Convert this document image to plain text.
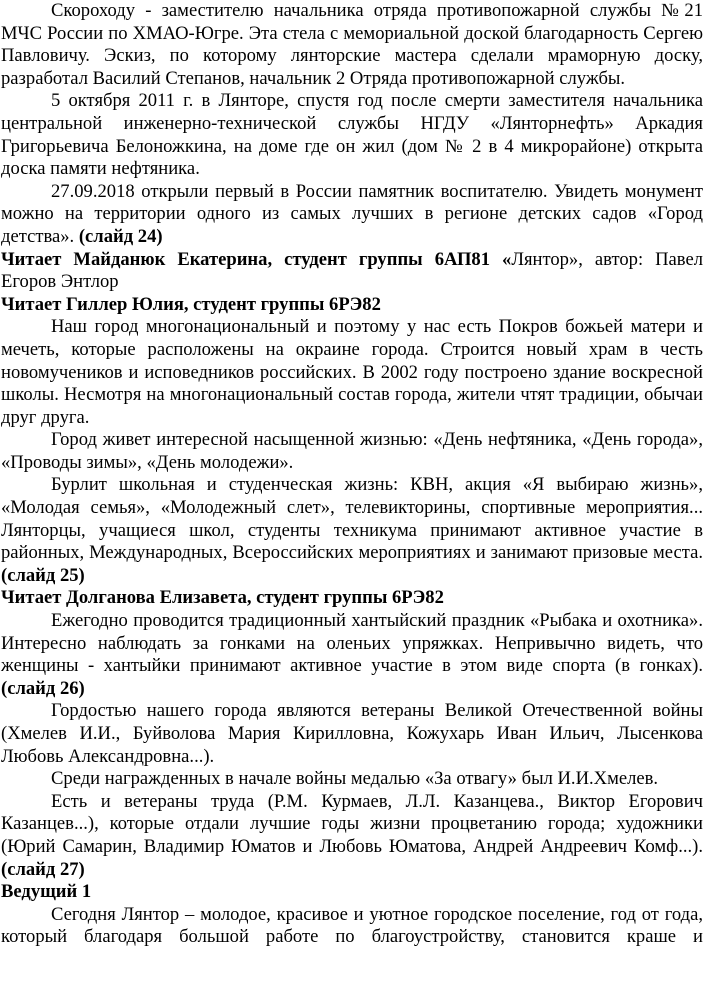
Скороходу - заместителю начальника отряда противопожарной службы №21 МЧС России по ХМАО-Югре. Эта стела с мемориальной доской благодарность Сергею Павловичу. Эскиз, по которому лянторские мастера сделали мраморную доску, разработал Василий Степанов, начальник 2 Отряда противопожарной службы.

5 октября 2011 г. в Лянторе, спустя год после смерти заместителя начальника центральной инженерно-технической службы НГДУ «Лянторнефть» Аркадия Григорьевича Белоножкина, на доме где он жил (дом № 2 в 4 микрорайоне) открыта доска памяти нефтяника.

27.09.2018 открыли первый в России памятник воспитателю. Увидеть монумент можно на территории одного из самых лучших в регионе детских садов «Город детства». (слайд 24)

Читает Майданюк Екатерина, студент группы 6АП81 «Лянтор», автор: Павел Егоров Энтлор

Читает Гиллер Юлия, студент группы 6РЭ82

Наш город многонациональный и поэтому у нас есть Покров божьей матери и мечеть, которые расположены на окраине города. Строится новый храм в честь новомучеников и исповедников российских. В 2002 году построено здание воскресной школы. Несмотря на многонациональный состав города, жители чтят традиции, обычаи друг друга.

Город живет интересной насыщенной жизнью: «День нефтяника, «День города», «Проводы зимы», «День молодежи».

Бурлит школьная и студенческая жизнь: КВН, акция «Я выбираю жизнь», «Молодая семья», «Молодежный слет», телевикторины, спортивные мероприятия... Лянторцы, учащиеся школ, студенты техникума принимают активное участие в районных, Международных, Всероссийских мероприятиях и занимают призовые места. (слайд 25)

Читает Долганова Елизавета, студент группы 6РЭ82

Ежегодно проводится традиционный хантыйский праздник «Рыбака и охотника». Интересно наблюдать за гонками на оленьих упряжках. Непривычно видеть, что женщины - хантыйки принимают активное участие в этом виде спорта (в гонках). (слайд 26)

Гордостью нашего города являются ветераны Великой Отечественной войны (Хмелев И.И., Буйволова Мария Кирилловна, Кожухарь Иван Ильич, Лысенкова Любовь Александровна...).

Среди награжденных в начале войны медалью «За отвагу» был И.И.Хмелев.

Есть и ветераны труда (Р.М. Курмаев, Л.Л. Казанцева., Виктор Егорович Казанцев...), которые отдали лучшие годы жизни процветанию города; художники (Юрий Самарин, Владимир Юматов и Любовь Юматова, Андрей Андреевич Комф...). (слайд 27)

Ведущий 1

Сегодня Лянтор – молодое, красивое и уютное городское поселение, год от года, который благодаря большой работе по благоустройству, становится краше и
